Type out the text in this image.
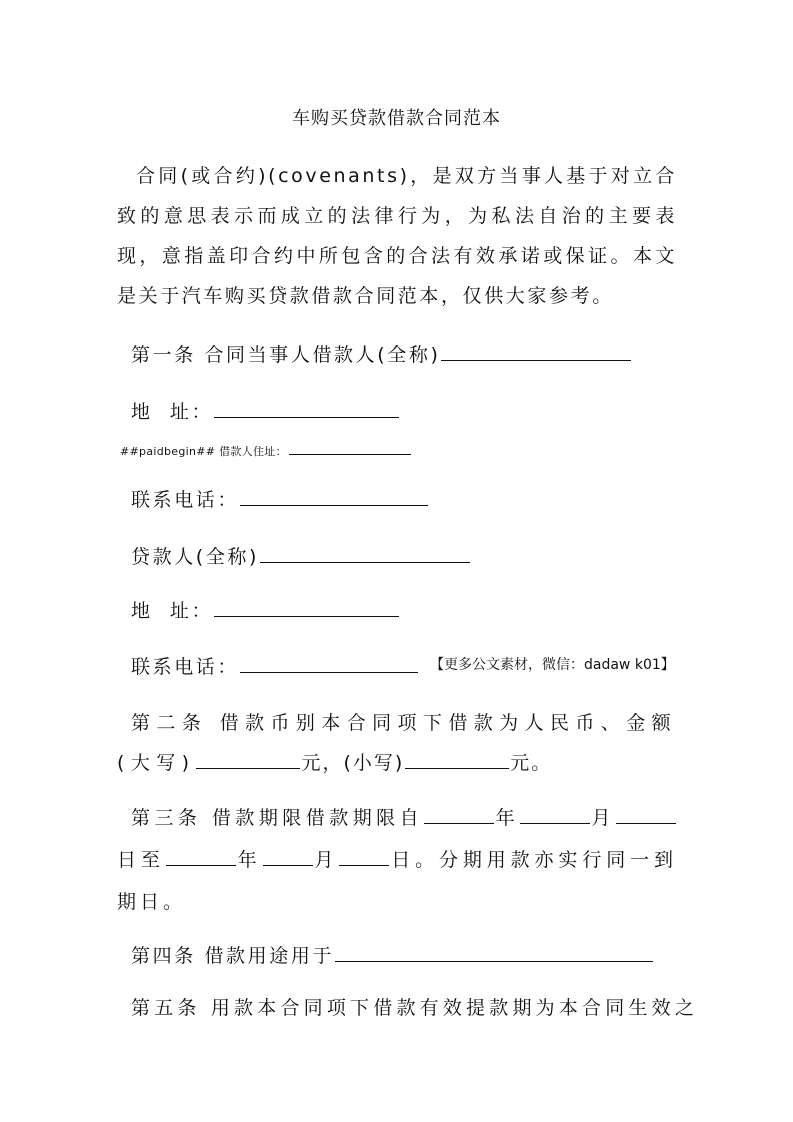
车购买贷款借款合同范本
合同(或合约)(covenants)，是双方当事人基于对立合致的意思表示而成立的法律行为，为私法自治的主要表现，意指盖印合约中所包含的合法有效承诺或保证。本文是关于汽车购买贷款借款合同范本，仅供大家参考。
第一条 合同当事人借款人(全称)
地  址：
##paidbegin## 借款人住址：
联系电话：
贷款人(全称)
地  址：
联系电话：	【更多公文素材，微信：dadaw k01】
第二条 借款币别本合同项下借款为人民币、金额(大写)	元，(小写)	元。
第三条 借款期限借款期限自	年	月日至	年	月	日。分期用款亦实行同一到期日。
第四条 借款用途用于
第五条 用款本合同项下借款有效提款期为本合同生效之
